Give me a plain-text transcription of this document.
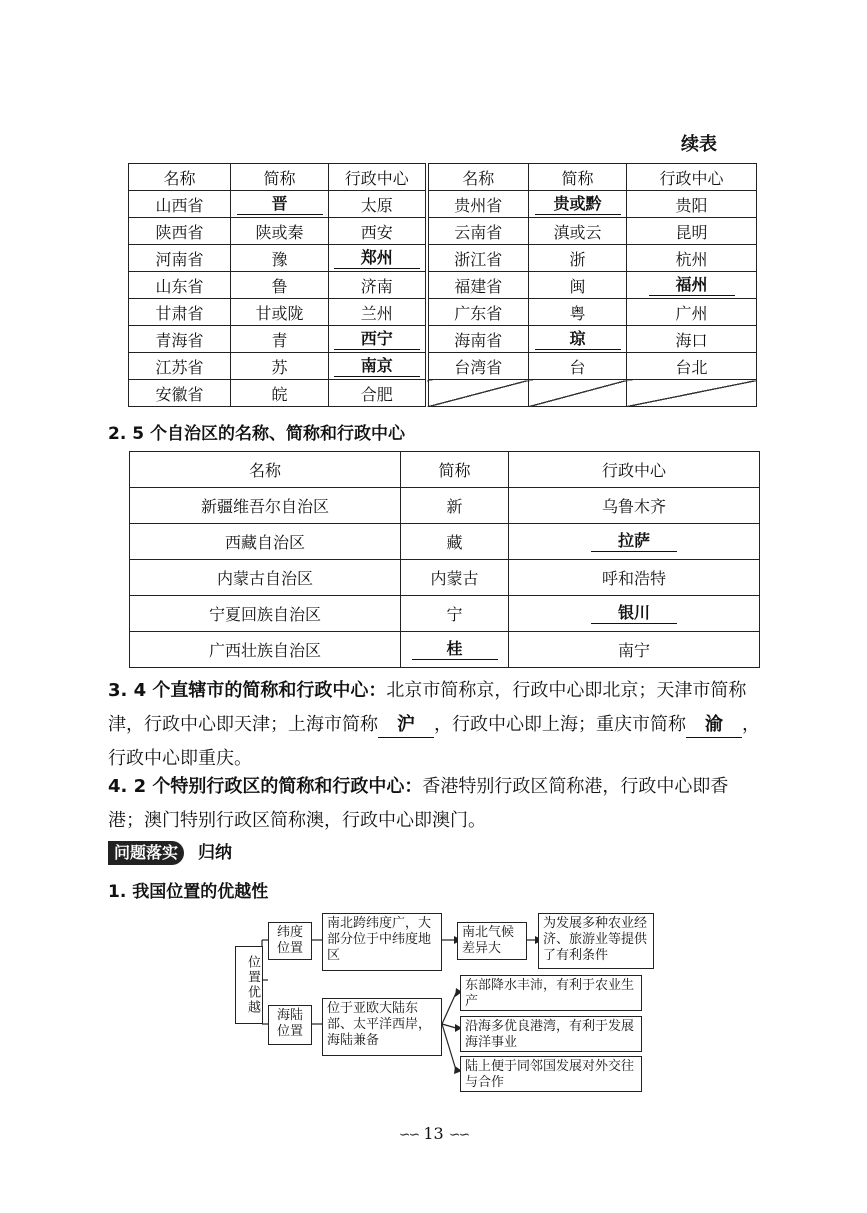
续表
名称	简称	行政中心	名称	简称	行政中心
山西省	晋	太原	贵州省	贵或黔	贵阳
陕西省	陕或秦	西安	云南省	滇或云	昆明
河南省	豫	郑州	浙江省	浙	杭州
山东省	鲁	济南	福建省	闽	福州
甘肃省	甘或陇	兰州	广东省	粤	广州
青海省	青	西宁	海南省	琼	海口
江苏省	苏	南京	台湾省	台	台北
安徽省	皖	合肥			
2. 5 个自治区的名称、简称和行政中心
名称	简称	行政中心
新疆维吾尔自治区	新	乌鲁木齐
西藏自治区	藏	拉萨
内蒙古自治区	内蒙古	呼和浩特
宁夏回族自治区	宁	银川
广西壮族自治区	桂	南宁
3. 4 个直辖市的简称和行政中心：北京市简称京，行政中心即北京；天津市简称津，行政中心即天津；上海市简称 沪 ，行政中心即上海；重庆市简称 渝 ，行政中心即重庆。
4. 2 个特别行政区的简称和行政中心：香港特别行政区简称港，行政中心即香港；澳门特别行政区简称澳，行政中心即澳门。
问题落实	归纳
1. 我国位置的优越性
位置优越
纬度位置
南北跨纬度广，大部分位于中纬度地区
南北气候差异大
为发展多种农业经济、旅游业等提供了有利条件
海陆位置
位于亚欧大陆东部、太平洋西岸，海陆兼备
东部降水丰沛，有利于农业生产
沿海多优良港湾，有利于发展海洋事业
陆上便于同邻国发展对外交往与合作
∽∽ 13 ∽∽
